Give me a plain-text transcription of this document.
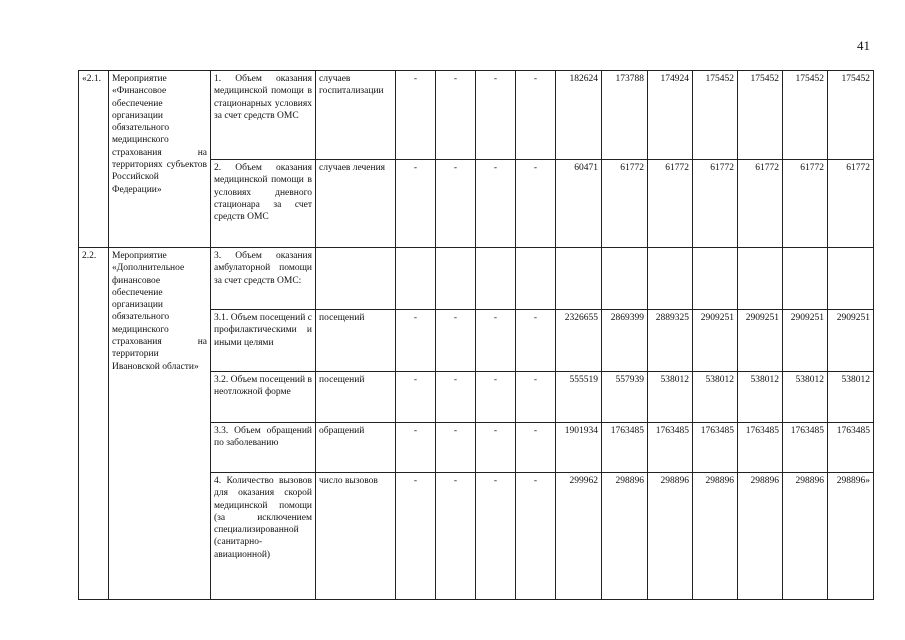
41
«2.1.	Мероприятие «Финансовое обеспечение организации обязательного медицинского страхования на территориях субъектов Российской Федерации»	1. Объем оказания медицинской помощи в стационарных условиях за счет средств ОМС	случаев госпитализации	-	-	-	-	182624	173788	174924	175452	175452	175452	175452
		2. Объем оказания медицинской помощи в условиях дневного стационара за счет средств ОМС	случаев лечения	-	-	-	-	60471	61772	61772	61772	61772	61772	61772
2.2.	Мероприятие «Дополнительное финансовое обеспечение организации обязательного медицинского страхования на территории Ивановской области»	3. Объем оказания амбулаторной помощи за счет средств ОМС:												
		3.1. Объем посещений с профилактическими и иными целями	посещений	-	-	-	-	2326655	2869399	2889325	2909251	2909251	2909251	2909251
		3.2. Объем посещений в неотложной форме	посещений	-	-	-	-	555519	557939	538012	538012	538012	538012	538012
		3.3. Объем обращений по заболеванию	обращений	-	-	-	-	1901934	1763485	1763485	1763485	1763485	1763485	1763485
		4. Количество вызовов для оказания скорой медицинской помощи (за исключением специализированной (санитарно-авиационной)	число вызовов	-	-	-	-	299962	298896	298896	298896	298896	298896	298896»
